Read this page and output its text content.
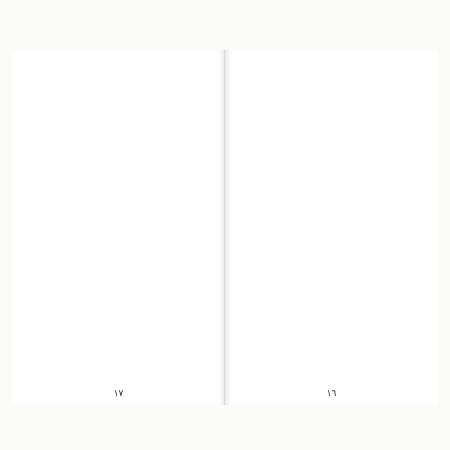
١٧	١٦
